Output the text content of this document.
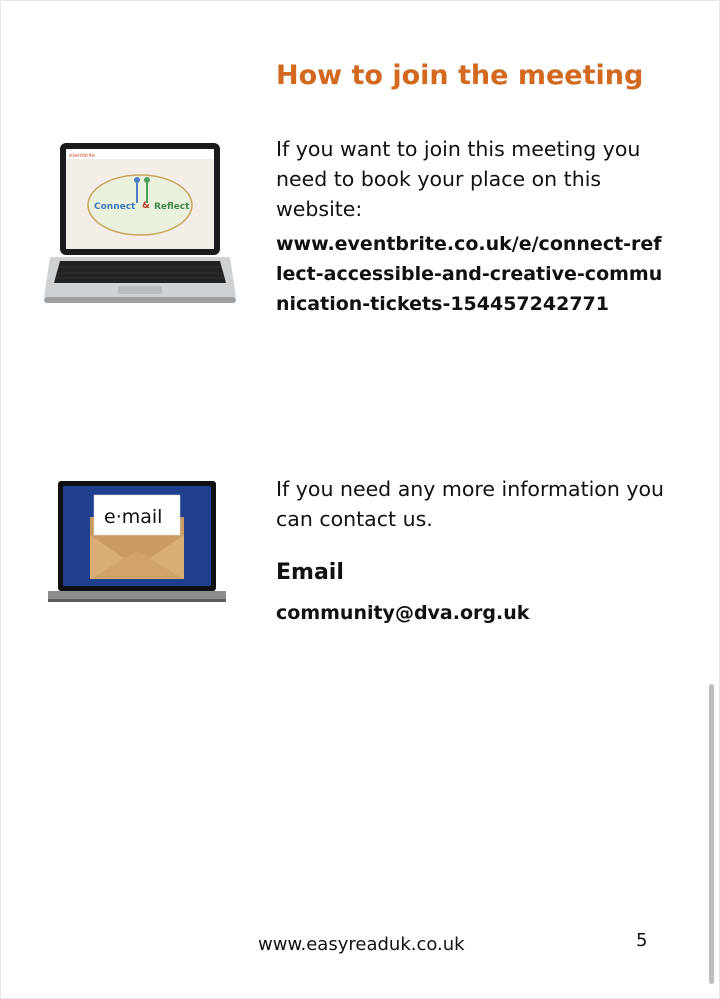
How to join the meeting
eventbrite
Connect & Reflect
If you want to join this meeting you need to book your place on this website:
www.eventbrite.co.uk/e/connect-reflect-accessible-and-creative-communication-tickets-154457242771
e·mail
If you need any more information you can contact us.
Email
community@dva.org.uk
www.easyreaduk.co.uk	5
